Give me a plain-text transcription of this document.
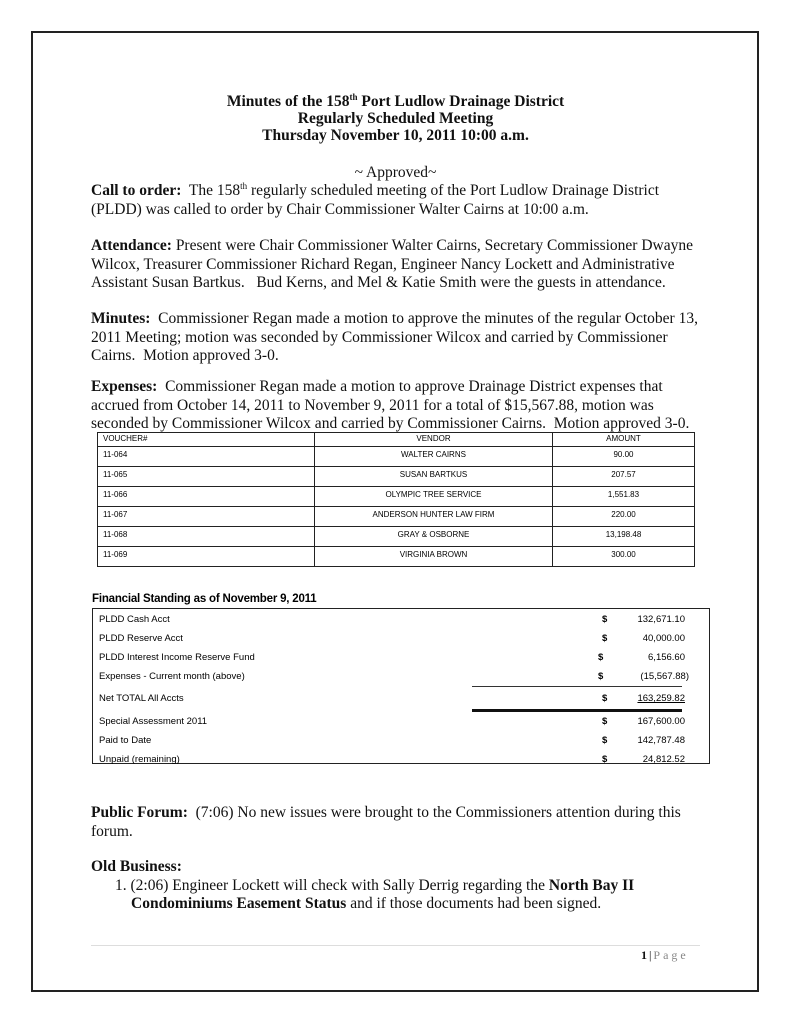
Minutes of the 158th Port Ludlow Drainage District
Regularly Scheduled Meeting
Thursday November 10, 2011 10:00 a.m.
~ Approved~
Call to order:  The 158th regularly scheduled meeting of the Port Ludlow Drainage District (PLDD) was called to order by Chair Commissioner Walter Cairns at 10:00 a.m.
Attendance: Present were Chair Commissioner Walter Cairns, Secretary Commissioner Dwayne Wilcox, Treasurer Commissioner Richard Regan, Engineer Nancy Lockett and Administrative Assistant Susan Bartkus.   Bud Kerns, and Mel & Katie Smith were the guests in attendance.
Minutes:  Commissioner Regan made a motion to approve the minutes of the regular October 13, 2011 Meeting; motion was seconded by Commissioner Wilcox and carried by Commissioner Cairns.  Motion approved 3-0.
Expenses:  Commissioner Regan made a motion to approve Drainage District expenses that accrued from October 14, 2011 to November 9, 2011 for a total of $15,567.88, motion was seconded by Commissioner Wilcox and carried by Commissioner Cairns.  Motion approved 3-0.
VOUCHER#	VENDOR	AMOUNT
11-064	WALTER CAIRNS	90.00
11-065	SUSAN BARTKUS	207.57
11-066	OLYMPIC TREE SERVICE	1,551.83
11-067	ANDERSON HUNTER LAW FIRM	220.00
11-068	GRAY & OSBORNE	13,198.48
11-069	VIRGINIA BROWN	300.00
Financial Standing as of November 9, 2011
PLDD Cash Acct	$	132,671.10
PLDD Reserve Acct	$	40,000.00
PLDD Interest Income Reserve Fund	$	6,156.60
Expenses - Current month (above)	$	(15,567.88)
Net TOTAL All Accts	$	163,259.82
Special Assessment 2011	$	167,600.00
Paid to Date	$	142,787.48
Unpaid (remaining)	$	24,812.52
Public Forum:  (7:06) No new issues were brought to the Commissioners attention during this forum.
Old Business:
1. (2:06) Engineer Lockett will check with Sally Derrig regarding the North Bay II Condominiums Easement Status and if those documents had been signed.
1 | Page
